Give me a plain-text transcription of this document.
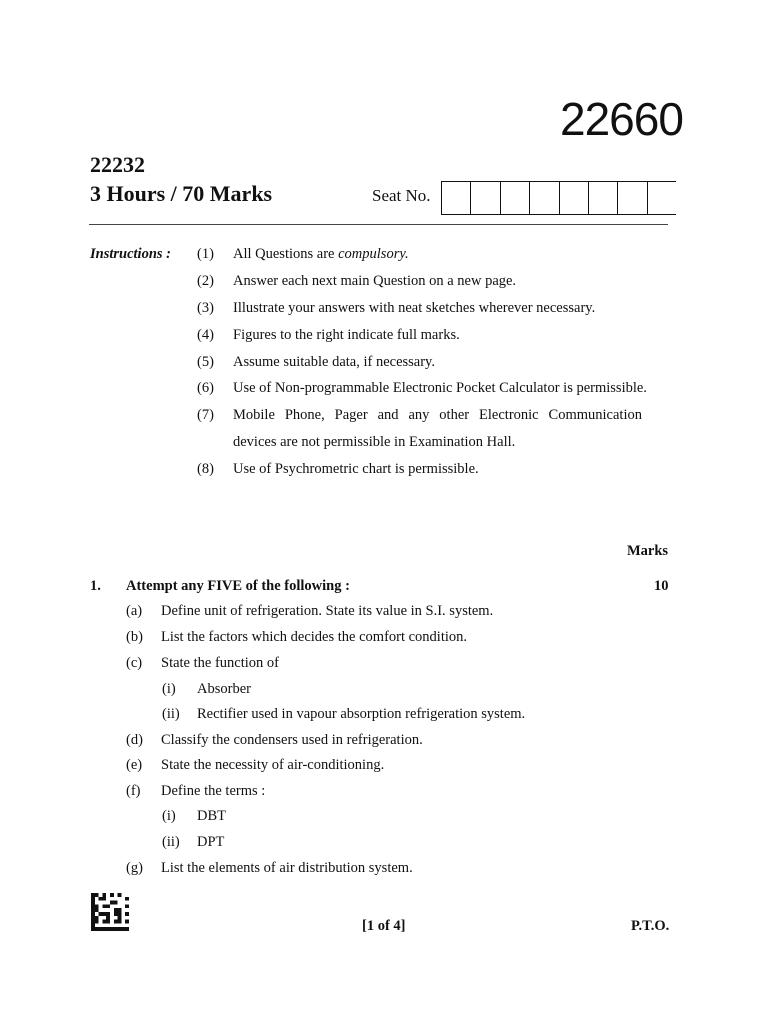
22660
22232
3 Hours / 70 Marks	Seat No.
Instructions : (1) All Questions are compulsory.
(2) Answer each next main Question on a new page.
(3) Illustrate your answers with neat sketches wherever necessary.
(4) Figures to the right indicate full marks.
(5) Assume suitable data, if necessary.
(6) Use of Non-programmable Electronic Pocket Calculator is permissible.
(7) Mobile Phone, Pager and any other Electronic Communication
devices are not permissible in Examination Hall.
(8) Use of Psychrometric chart is permissible.
Marks
1. Attempt any FIVE of the following :	10
(a) Define unit of refrigeration. State its value in S.I. system.
(b) List the factors which decides the comfort condition.
(c) State the function of
(i) Absorber
(ii) Rectifier used in vapour absorption refrigeration system.
(d) Classify the condensers used in refrigeration.
(e) State the necessity of air-conditioning.
(f) Define the terms :
(i) DBT
(ii) DPT
(g) List the elements of air distribution system.
[1 of 4]	P.T.O.
